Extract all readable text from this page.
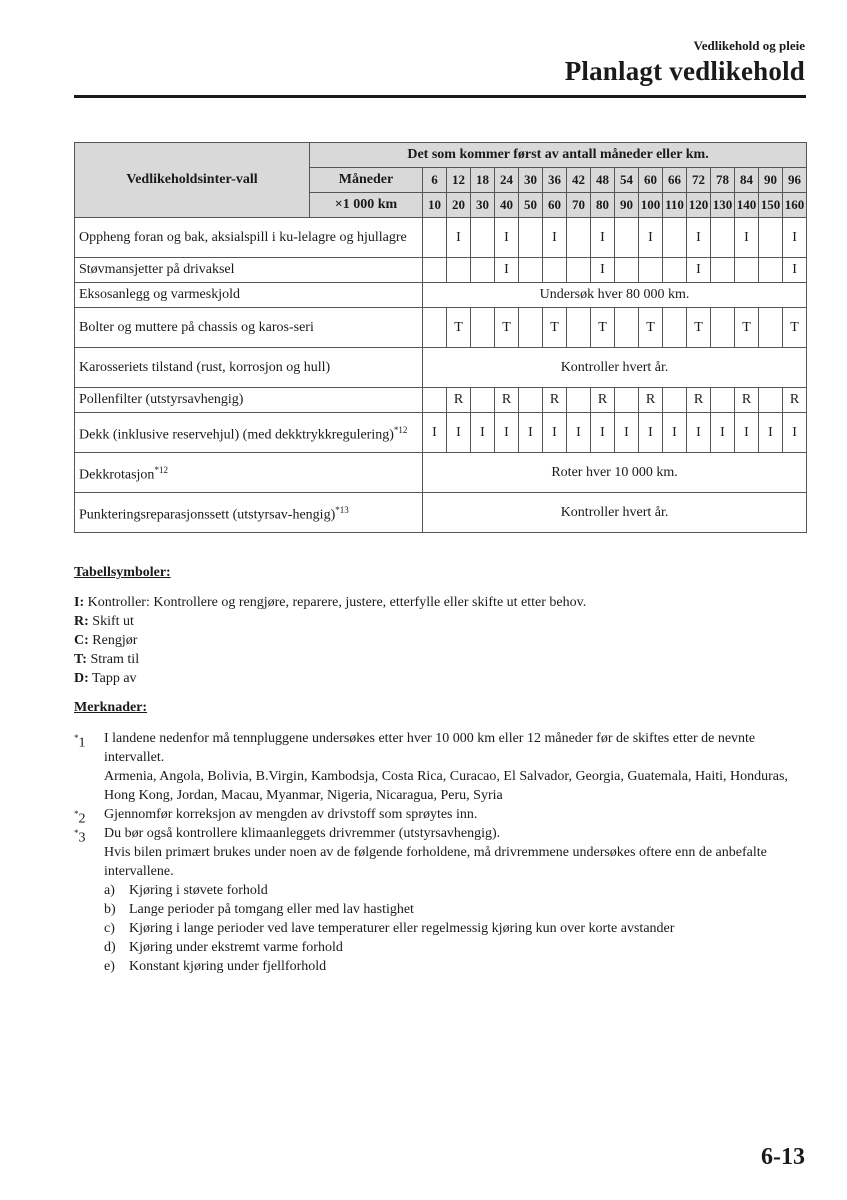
Vedlikehold og pleie
Planlagt vedlikehold
Vedlikeholdsinter-vall	Det som kommer først av antall måneder eller km.																
	Måneder	6	12	18	24	30	36	42	48	54	60	66	72	78	84	90	96
	×1 000 km	10	20	30	40	50	60	70	80	90	100	110	120	130	140	150	160
Oppheng foran og bak, aksialspill i ku-lelagre og hjullagre			I		I		I		I		I		I		I		I
Støvmansjetter på drivaksel					I				I				I				I
Eksosanlegg og varmeskjold		Undersøk hver 80 000 km.															
Bolter og muttere på chassis og karos-seri			T		T		T		T		T		T		T		T
Karosseriets tilstand (rust, korrosjon og hull)		Kontroller hvert år.															
Pollenfilter (utstyrsavhengig)			R		R		R		R		R		R		R		R
Dekk (inklusive reservehjul) (med dekktrykkregulering)$^{*12}$		I	I	I	I	I	I	I	I	I	I	I	I	I	I	I	I
Dekkrotasjon$^{*12}$		Roter hver 10 000 km.															
Punkteringsreparasjonssett (utstyrsav-hengig)$^{*13}$		Kontroller hvert år.															
Tabellsymboler:
I: Kontroller: Kontrollere og rengjøre, reparere, justere, etterfylle eller skifte ut etter behov.
R: Skift ut
C: Rengjør
T: Stram til
D: Tapp av
Merknader:
*1 I landene nedenfor må tennpluggene undersøkes etter hver 10 000 km eller 12 måneder før de skiftes etter de nevnte intervallet.
Armenia, Angola, Bolivia, B.Virgin, Kambodsja, Costa Rica, Curacao, El Salvador, Georgia, Guatemala, Haiti, Honduras, Hong Kong, Jordan, Macau, Myanmar, Nigeria, Nicaragua, Peru, Syria
*2 Gjennomfør korreksjon av mengden av drivstoff som sprøytes inn.
*3 Du bør også kontrollere klimaanleggets drivremmer (utstyrsavhengig).
Hvis bilen primært brukes under noen av de følgende forholdene, må drivremmene undersøkes oftere enn de anbefalte intervallene.
a) Kjøring i støvete forhold
b) Lange perioder på tomgang eller med lav hastighet
c) Kjøring i lange perioder ved lave temperaturer eller regelmessig kjøring kun over korte avstander
d) Kjøring under ekstremt varme forhold
e) Konstant kjøring under fjellforhold
6-13
